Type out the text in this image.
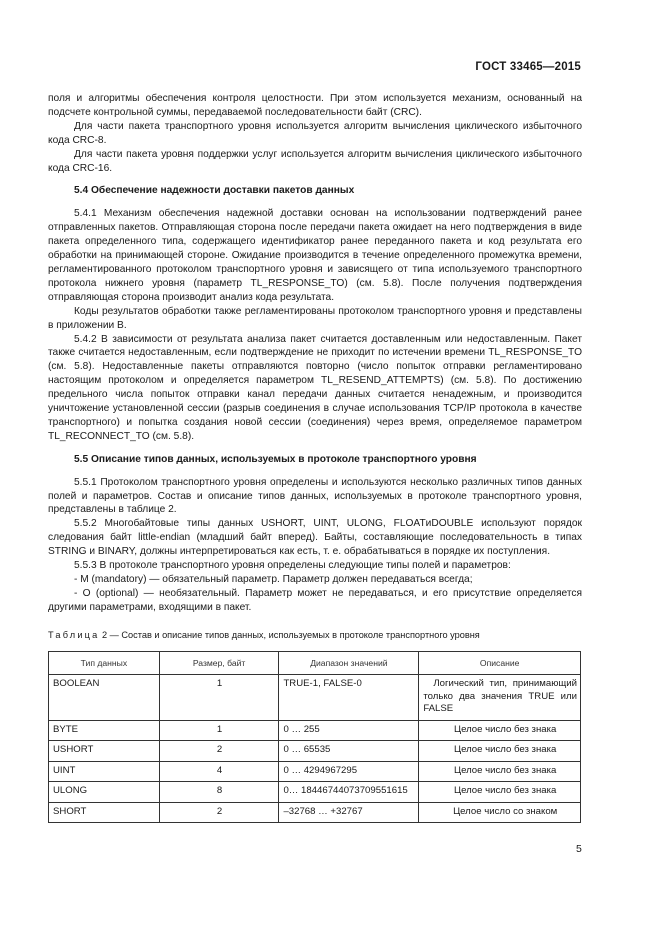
ГОСТ 33465—2015

поля и алгоритмы обеспечения контроля целостности. При этом используется механизм, основанный на подсчете контрольной суммы, передаваемой последовательности байт (CRC).

Для части пакета транспортного уровня используется алгоритм вычисления циклического избыточного кода CRC-8.

Для части пакета уровня поддержки услуг используется алгоритм вычисления циклического избыточного кода CRC-16.

5.4 Обеспечение надежности доставки пакетов данных

5.4.1 Механизм обеспечения надежной доставки основан на использовании подтверждений ранее отправленных пакетов. Отправляющая сторона после передачи пакета ожидает на него подтверждения в виде пакета определенного типа, содержащего идентификатор ранее переданного пакета и код результата его обработки на принимающей стороне. Ожидание производится в течение определенного промежутка времени, регламентированного протоколом транспортного уровня и зависящего от типа используемого транспортного протокола нижнего уровня (параметр TL_RESPONSE_TO) (см. 5.8). После получения подтверждения отправляющая сторона производит анализ кода результата.

Коды результатов обработки также регламентированы протоколом транспортного уровня и представлены в приложении В.

5.4.2 В зависимости от результата анализа пакет считается доставленным или недоставленным. Пакет также считается недоставленным, если подтверждение не приходит по истечении времени TL_RESPONSE_TO (см. 5.8). Недоставленные пакеты отправляются повторно (число попыток отправки регламентировано настоящим протоколом и определяется параметром TL_RESEND_ATTEMPTS) (см. 5.8). По достижению предельного числа попыток отправки канал передачи данных считается ненадежным, и производится уничтожение установленной сессии (разрыв соединения в случае использования TCP/IP протокола в качестве транспортного) и попытка создания новой сессии (соединения) через время, определяемое параметром TL_RECONNECT_TO (см. 5.8).

5.5 Описание типов данных, используемых в протоколе транспортного уровня

5.5.1 Протоколом транспортного уровня определены и используются несколько различных типов данных полей и параметров. Состав и описание типов данных, используемых в протоколе транспортного уровня, представлены в таблице 2.

5.5.2 Многобайтовые типы данных USHORT, UINT, ULONG, FLOATиDOUBLE используют порядок следования байт little-endian (младший байт вперед). Байты, составляющие последовательность в типах STRING и BINARY, должны интерпретироваться как есть, т. е. обрабатываться в порядке их поступления.

5.5.3 В протоколе транспортного уровня определены следующие типы полей и параметров:

- M (mandatory) — обязательный параметр. Параметр должен передаваться всегда;

- O (optional) — необязательный. Параметр может не передаваться, и его присутствие определяется другими параметрами, входящими в пакет.

Таблица 2 — Состав и описание типов данных, используемых в протоколе транспортного уровня

Тип данных	Размер, байт	Диапазон значений	Описание
BOOLEAN	1	TRUE-1, FALSE-0	Логический тип, принимающий только два значения TRUE или FALSE
BYTE	1	0 … 255	Целое число без знака
USHORT	2	0 … 65535	Целое число без знака
UINT	4	0 … 4294967295	Целое число без знака
ULONG	8	0… 18446744073709551615	Целое число без знака
SHORT	2	–32768 … +32767	Целое число со знаком
5
